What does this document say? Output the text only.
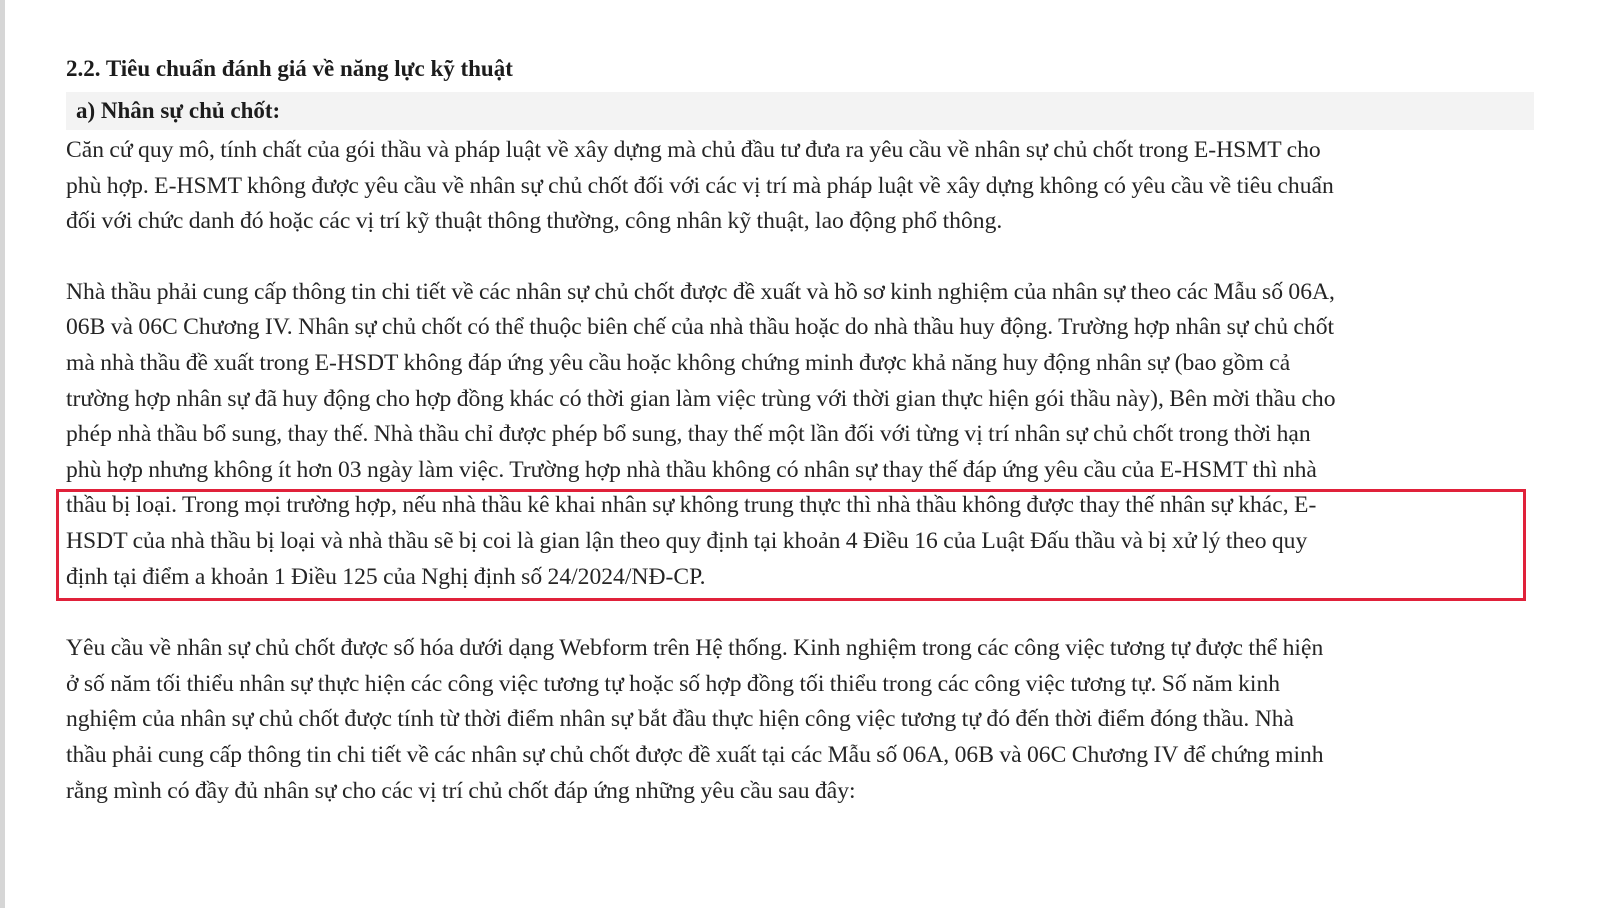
2.2. Tiêu chuẩn đánh giá về năng lực kỹ thuật
a) Nhân sự chủ chốt:

Căn cứ quy mô, tính chất của gói thầu và pháp luật về xây dựng mà chủ đầu tư đưa ra yêu cầu về nhân sự chủ chốt trong E-HSMT cho
phù hợp. E-HSMT không được yêu cầu về nhân sự chủ chốt đối với các vị trí mà pháp luật về xây dựng không có yêu cầu về tiêu chuẩn
đối với chức danh đó hoặc các vị trí kỹ thuật thông thường, công nhân kỹ thuật, lao động phổ thông.

Nhà thầu phải cung cấp thông tin chi tiết về các nhân sự chủ chốt được đề xuất và hồ sơ kinh nghiệm của nhân sự theo các Mẫu số 06A,
06B và 06C Chương IV. Nhân sự chủ chốt có thể thuộc biên chế của nhà thầu hoặc do nhà thầu huy động. Trường hợp nhân sự chủ chốt
mà nhà thầu đề xuất trong E-HSDT không đáp ứng yêu cầu hoặc không chứng minh được khả năng huy động nhân sự (bao gồm cả
trường hợp nhân sự đã huy động cho hợp đồng khác có thời gian làm việc trùng với thời gian thực hiện gói thầu này), Bên mời thầu cho
phép nhà thầu bổ sung, thay thế. Nhà thầu chỉ được phép bổ sung, thay thế một lần đối với từng vị trí nhân sự chủ chốt trong thời hạn
phù hợp nhưng không ít hơn 03 ngày làm việc. Trường hợp nhà thầu không có nhân sự thay thế đáp ứng yêu cầu của E-HSMT thì nhà

thầu bị loại. Trong mọi trường hợp, nếu nhà thầu kê khai nhân sự không trung thực thì nhà thầu không được thay thế nhân sự khác, E-
HSDT của nhà thầu bị loại và nhà thầu sẽ bị coi là gian lận theo quy định tại khoản 4 Điều 16 của Luật Đấu thầu và bị xử lý theo quy
định tại điểm a khoản 1 Điều 125 của Nghị định số 24/2024/NĐ-CP.

Yêu cầu về nhân sự chủ chốt được số hóa dưới dạng Webform trên Hệ thống. Kinh nghiệm trong các công việc tương tự được thể hiện
ở số năm tối thiểu nhân sự thực hiện các công việc tương tự hoặc số hợp đồng tối thiểu trong các công việc tương tự. Số năm kinh
nghiệm của nhân sự chủ chốt được tính từ thời điểm nhân sự bắt đầu thực hiện công việc tương tự đó đến thời điểm đóng thầu. Nhà
thầu phải cung cấp thông tin chi tiết về các nhân sự chủ chốt được đề xuất tại các Mẫu số 06A, 06B và 06C Chương IV để chứng minh
rằng mình có đầy đủ nhân sự cho các vị trí chủ chốt đáp ứng những yêu cầu sau đây:
